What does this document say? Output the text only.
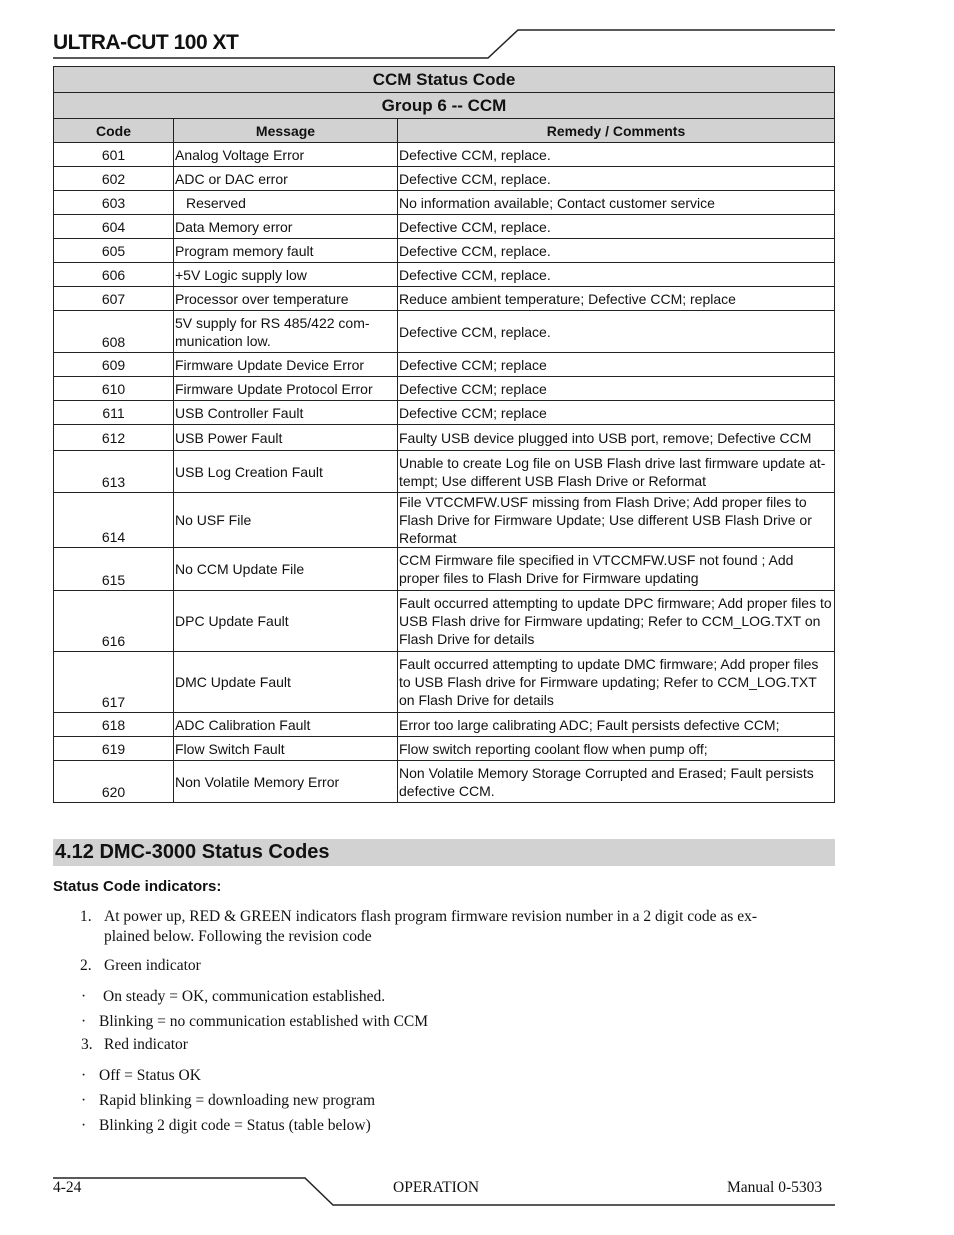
ULTRA-CUT 100 XT
CCM Status Code		
Group 6 -- CCM		
Code	Message	Remedy / Comments
601	Analog Voltage Error	Defective CCM, replace.
602	ADC or DAC error	Defective CCM, replace.
603	Reserved	No information available; Contact customer service
604	Data Memory error	Defective CCM, replace.
605	Program memory fault	Defective CCM, replace.
606	+5V Logic supply low	Defective CCM, replace.
607	Processor over temperature	Reduce ambient temperature; Defective CCM; replace
608	5V supply for RS 485/422 com-munication low.	Defective CCM, replace.
609	Firmware Update Device Error	Defective CCM; replace
610	Firmware Update Protocol Error	Defective CCM; replace
611	USB Controller Fault	Defective CCM; replace
612	USB Power Fault	Faulty USB device plugged into USB port, remove; Defective CCM
613	USB Log Creation Fault	Unable to create Log file on USB Flash drive last firmware update at-tempt; Use different USB Flash Drive or Reformat
614	No USF File	File VTCCMFW.USF missing from Flash Drive; Add proper files to Flash Drive for Firmware Update; Use different USB Flash Drive or Reformat
615	No CCM Update File	CCM Firmware file specified in VTCCMFW.USF not found ; Add proper files to Flash Drive for Firmware updating
616	DPC Update Fault	Fault occurred attempting to update DPC firmware; Add proper files to USB Flash drive for Firmware updating; Refer to CCM_LOG.TXT on Flash Drive for details
617	DMC Update Fault	Fault occurred attempting to update DMC firmware; Add proper files to USB Flash drive for Firmware updating; Refer to CCM_LOG.TXT on Flash Drive for details
618	ADC Calibration Fault	Error too large calibrating ADC; Fault persists defective CCM;
619	Flow Switch Fault	Flow switch reporting coolant flow when pump off;
620	Non Volatile Memory Error	Non Volatile Memory Storage Corrupted and Erased; Fault persists defective CCM.
4.12 DMC-3000 Status Codes
Status Code indicators:
1. At power up, RED & GREEN indicators flash program firmware revision number in a 2 digit code as ex-
plained below. Following the revision code
2. Green indicator
· On steady = OK, communication established.
· Blinking = no communication established with CCM
3. Red indicator
· Off = Status OK
· Rapid blinking = downloading new program
· Blinking 2 digit code = Status (table below)
4-24	OPERATION	Manual 0-5303
